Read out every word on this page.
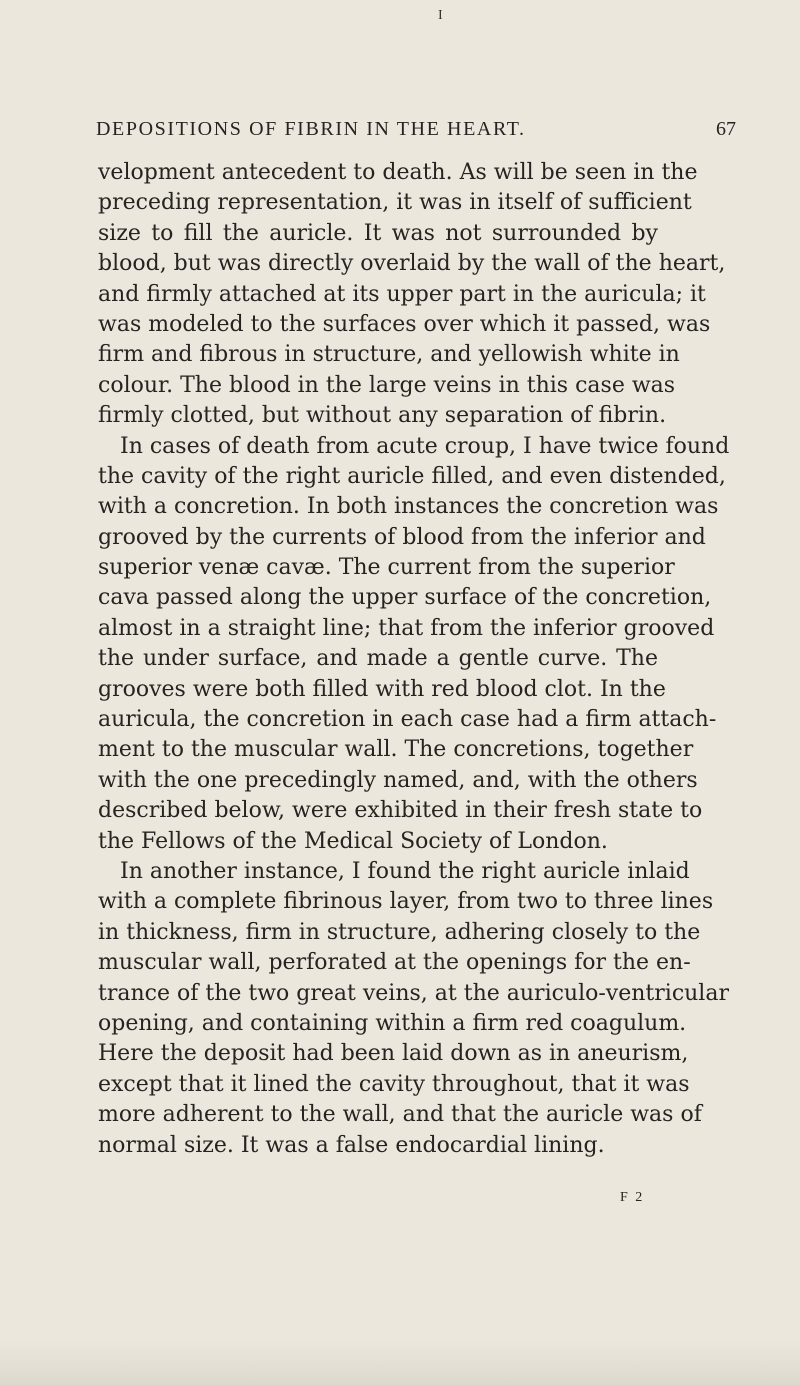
I
DEPOSITIONS OF FIBRIN IN THE HEART.	67
velopment antecedent to death. As will be seen in the
preceding representation, it was in itself of sufficient
size to fill the auricle. It was not surrounded by
blood, but was directly overlaid by the wall of the heart,
and firmly attached at its upper part in the auricula; it
was modeled to the surfaces over which it passed, was
firm and fibrous in structure, and yellowish white in
colour. The blood in the large veins in this case was
firmly clotted, but without any separation of fibrin.
In cases of death from acute croup, I have twice found
the cavity of the right auricle filled, and even distended,
with a concretion. In both instances the concretion was
grooved by the currents of blood from the inferior and
superior venæ cavæ. The current from the superior
cava passed along the upper surface of the concretion,
almost in a straight line; that from the inferior grooved
the under surface, and made a gentle curve. The
grooves were both filled with red blood clot. In the
auricula, the concretion in each case had a firm attach-
ment to the muscular wall. The concretions, together
with the one precedingly named, and, with the others
described below, were exhibited in their fresh state to
the Fellows of the Medical Society of London.
In another instance, I found the right auricle inlaid
with a complete fibrinous layer, from two to three lines
in thickness, firm in structure, adhering closely to the
muscular wall, perforated at the openings for the en-
trance of the two great veins, at the auriculo-ventricular
opening, and containing within a firm red coagulum.
Here the deposit had been laid down as in aneurism,
except that it lined the cavity throughout, that it was
more adherent to the wall, and that the auricle was of
normal size. It was a false endocardial lining.
F 2
